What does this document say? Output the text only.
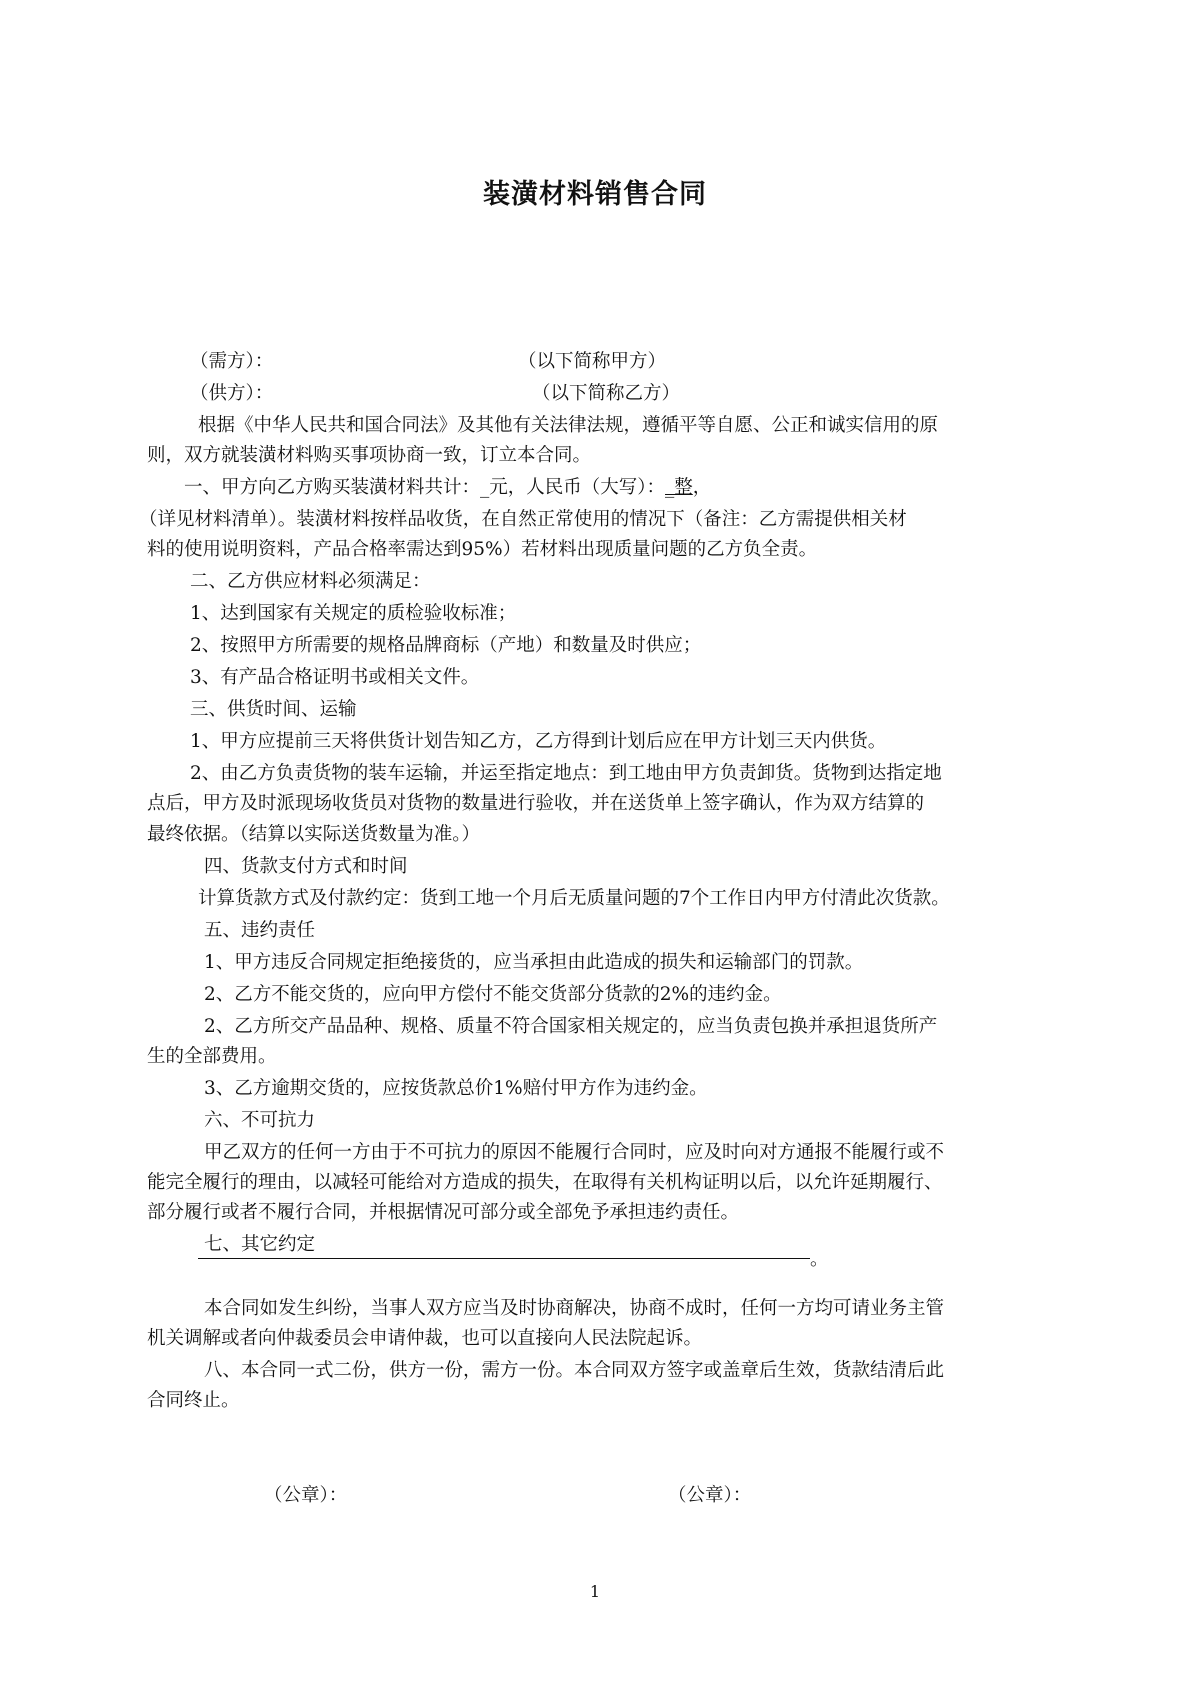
装潢材料销售合同
（需方）：	（以下简称甲方）
（供方）：	（以下简称乙方）
根据《中华人民共和国合同法》及其他有关法律法规，遵循平等自愿、公正和诚实信用的原
则，双方就装潢材料购买事项协商一致，订立本合同。
一、甲方向乙方购买装潢材料共计：_元，人民币（大写）：_整，
（详见材料清单）。装潢材料按样品收货，在自然正常使用的情况下（备注：乙方需提供相关材
料的使用说明资料，产品合格率需达到95%）若材料出现质量问题的乙方负全责。
二、乙方供应材料必须满足：
1、达到国家有关规定的质检验收标准；
2、按照甲方所需要的规格品牌商标（产地）和数量及时供应；
3、有产品合格证明书或相关文件。
三、供货时间、运输
1、甲方应提前三天将供货计划告知乙方，乙方得到计划后应在甲方计划三天内供货。
2、由乙方负责货物的装车运输，并运至指定地点：到工地由甲方负责卸货。货物到达指定地
点后，甲方及时派现场收货员对货物的数量进行验收，并在送货单上签字确认，作为双方结算的
最终依据。（结算以实际送货数量为准。）
四、货款支付方式和时间
计算货款方式及付款约定：货到工地一个月后无质量问题的7个工作日内甲方付清此次货款。
五、违约责任
1、甲方违反合同规定拒绝接货的，应当承担由此造成的损失和运输部门的罚款。
2、乙方不能交货的，应向甲方偿付不能交货部分货款的2%的违约金。
2、乙方所交产品品种、规格、质量不符合国家相关规定的，应当负责包换并承担退货所产
生的全部费用。
3、乙方逾期交货的，应按货款总价1%赔付甲方作为违约金。
六、不可抗力
甲乙双方的任何一方由于不可抗力的原因不能履行合同时，应及时向对方通报不能履行或不
能完全履行的理由，以减轻可能给对方造成的损失，在取得有关机构证明以后，以允许延期履行、
部分履行或者不履行合同，并根据情况可部分或全部免予承担违约责任。
七、其它约定
。
本合同如发生纠纷，当事人双方应当及时协商解决，协商不成时，任何一方均可请业务主管
机关调解或者向仲裁委员会申请仲裁，也可以直接向人民法院起诉。
八、本合同一式二份，供方一份，需方一份。本合同双方签字或盖章后生效，货款结清后此
合同终止。
（公章）：	（公章）：
1
